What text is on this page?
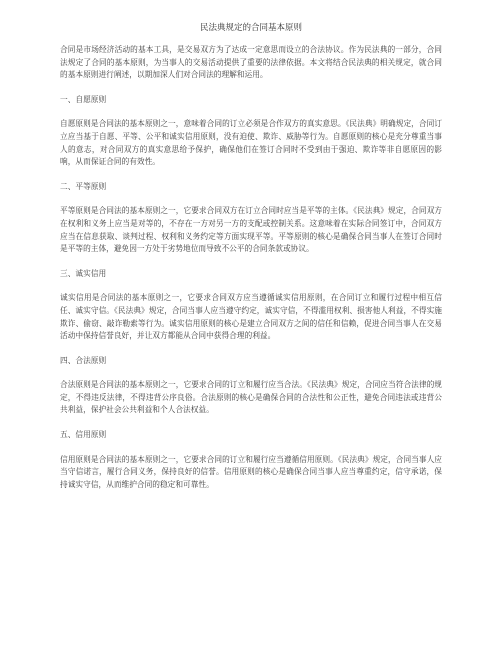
民法典规定的合同基本原则

合同是市场经济活动的基本工具，是交易双方为了达成一定意思而设立的合法协议。作为民法典的一部分，合同法规定了合同的基本原则，为当事人的交易活动提供了重要的法律依据。本文将结合民法典的相关规定，就合同的基本原则进行阐述，以期加深人们对合同法的理解和运用。

一、自愿原则

自愿原则是合同法的基本原则之一，意味着合同的订立必须是合作双方的真实意思。《民法典》明确规定，合同订立应当基于自愿、平等、公平和诚实信用原则，没有迫使、欺诈、威胁等行为。自愿原则的核心是充分尊重当事人的意志，对合同双方的真实意思给予保护，确保他们在签订合同时不受到由于强迫、欺诈等非自愿原因的影响，从而保证合同的有效性。

二、平等原则

平等原则是合同法的基本原则之一，它要求合同双方在订立合同时应当是平等的主体。《民法典》规定，合同双方在权利和义务上应当是对等的，不存在一方对另一方的支配或控制关系。这意味着在实际合同签订中，合同双方应当在信息获取、谈判过程、权利和义务约定等方面实现平等。平等原则的核心是确保合同当事人在签订合同时是平等的主体，避免因一方处于劣势地位而导致不公平的合同条款或协议。

三、诚实信用

诚实信用是合同法的基本原则之一，它要求合同双方应当遵循诚实信用原则，在合同订立和履行过程中相互信任、诚实守信。《民法典》规定，合同当事人应当遵守约定，诚实守信，不得滥用权利、损害他人利益，不得实施欺诈、偷窃、敲诈勒索等行为。诚实信用原则的核心是建立合同双方之间的信任和信赖，促进合同当事人在交易活动中保持信誉良好，并让双方都能从合同中获得合理的利益。

四、合法原则

合法原则是合同法的基本原则之一，它要求合同的订立和履行应当合法。《民法典》规定，合同应当符合法律的规定，不得违反法律，不得违背公序良俗。合法原则的核心是确保合同的合法性和公正性，避免合同违法或违背公共利益，保护社会公共利益和个人合法权益。

五、信用原则

信用原则是合同法的基本原则之一，它要求合同的订立和履行应当遵循信用原则。《民法典》规定，合同当事人应当守信诺言，履行合同义务，保持良好的信誉。信用原则的核心是确保合同当事人应当尊重约定，信守承诺，保持诚实守信，从而维护合同的稳定和可靠性。
